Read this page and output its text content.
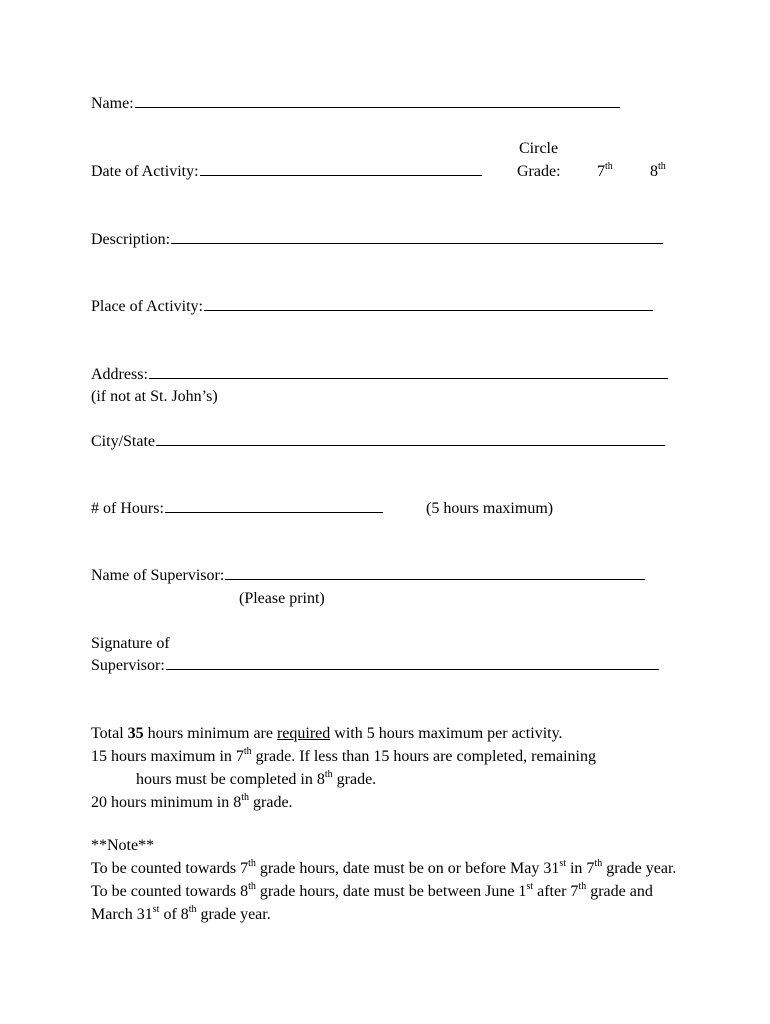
Name:
Date of Activity:
Circle
Grade: 7th 8th
Description:
Place of Activity:
Address:
(if not at St. John’s)
City/State
# of Hours:	(5 hours maximum)
Name of Supervisor:
(Please print)
Signature of
Supervisor:
Total 35 hours minimum are required with 5 hours maximum per activity.
15 hours maximum in 7th grade. If less than 15 hours are completed, remaining
hours must be completed in 8th grade.
20 hours minimum in 8th grade.
**Note**
To be counted towards 7th grade hours, date must be on or before May 31st in 7th grade year.
To be counted towards 8th grade hours, date must be between June 1st after 7th grade and March 31st of 8th grade year.
